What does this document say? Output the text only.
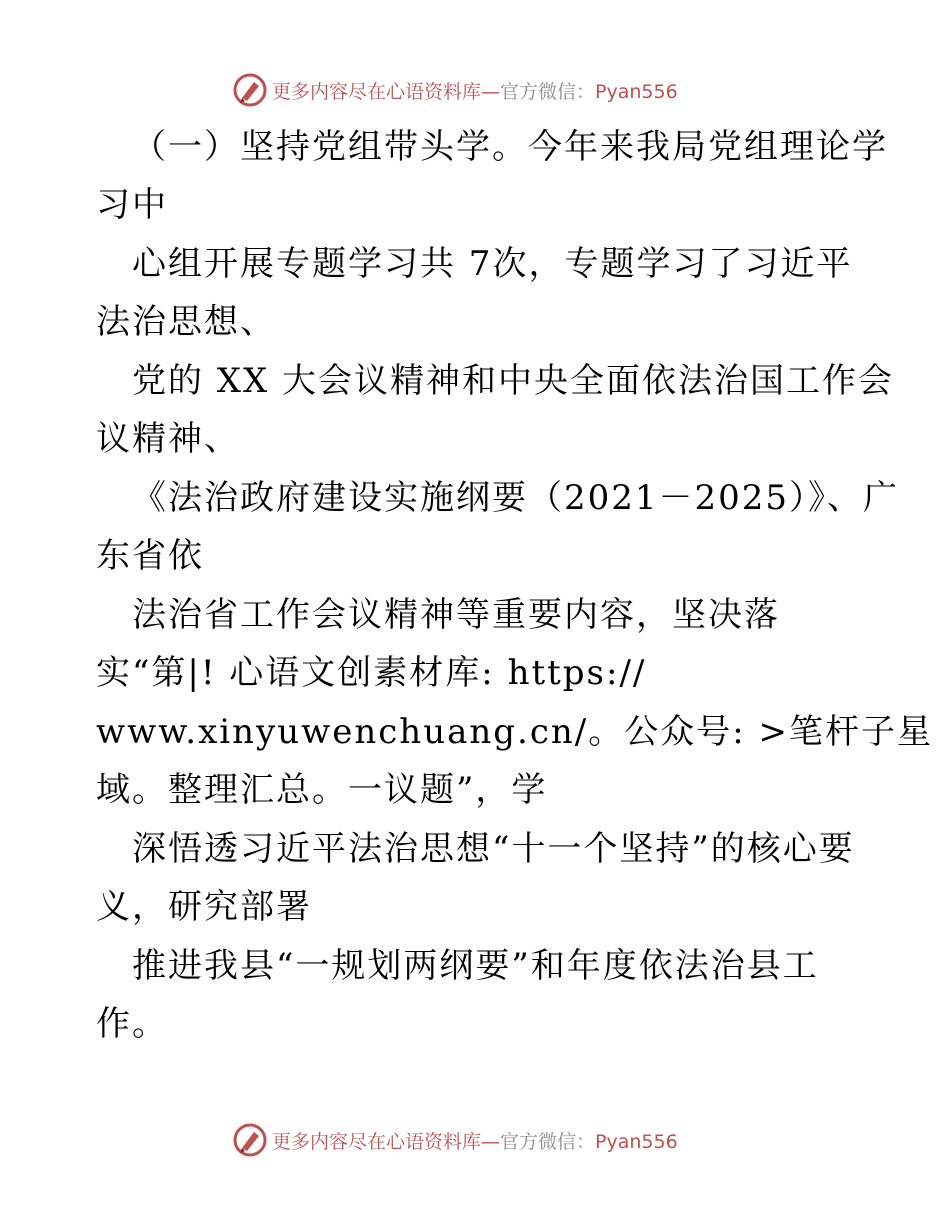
更多内容尽在心语资料库—官方微信：Pyan556
（一）坚持党组带头学。今年来我局党组理论学
习中
心组开展专题学习共 7次，专题学习了习近平
法治思想、
党的 XX 大会议精神和中央全面依法治国工作会
议精神、
《法治政府建设实施纲要（2021－2025）》、广
东省依
法治省工作会议精神等重要内容，坚决落
实“第|! 心语文创素材库: https://
www.xinyuwenchuang.cn/。公众号: >笔杆子星
域。整理汇总。一议题”，学
深悟透习近平法治思想“十一个坚持”的核心要
义，研究部署
推进我县“一规划两纲要”和年度依法治县工
作。
更多内容尽在心语资料库—官方微信：Pyan556
